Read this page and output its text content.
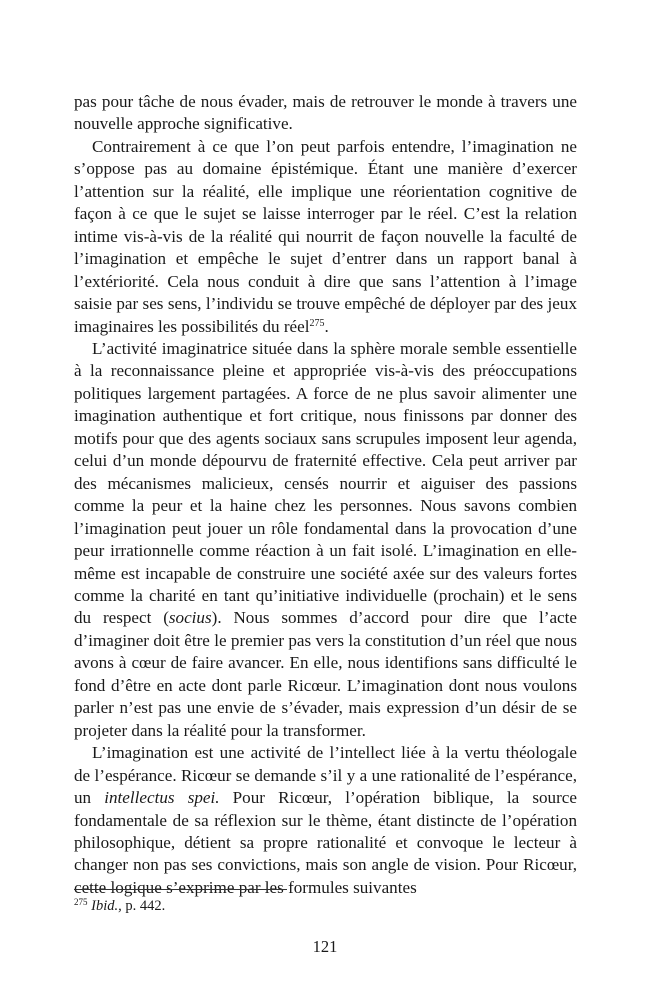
pas pour tâche de nous évader, mais de retrouver le monde à travers une nouvelle approche significative.

Contrairement à ce que l’on peut parfois entendre, l’imagination ne s’oppose pas au domaine épistémique. Étant une manière d’exercer l’attention sur la réalité, elle implique une réorientation cognitive de façon à ce que le sujet se laisse interroger par le réel. C’est la relation intime vis-à-vis de la réalité qui nourrit de façon nouvelle la faculté de l’imagination et empêche le sujet d’entrer dans un rapport banal à l’extériorité. Cela nous conduit à dire que sans l’attention à l’image saisie par ses sens, l’individu se trouve empêché de déployer par des jeux imaginaires les possibilités du réel$^{275}$.

L’activité imaginatrice située dans la sphère morale semble essentielle à la reconnaissance pleine et appropriée vis-à-vis des préoccupations politiques largement partagées. A force de ne plus savoir alimenter une imagination authentique et fort critique, nous finissons par donner des motifs pour que des agents sociaux sans scrupules imposent leur agenda, celui d’un monde dépourvu de fraternité effective. Cela peut arriver par des mécanismes malicieux, censés nourrir et aiguiser des passions comme la peur et la haine chez les personnes. Nous savons combien l’imagination peut jouer un rôle fondamental dans la provocation d’une peur irrationnelle comme réaction à un fait isolé. L’imagination en elle-même est incapable de construire une société axée sur des valeurs fortes comme la charité en tant qu’initiative individuelle (prochain) et le sens du respect (socius). Nous sommes d’accord pour dire que l’acte d’imaginer doit être le premier pas vers la constitution d’un réel que nous avons à cœur de faire avancer. En elle, nous identifions sans difficulté le fond d’être en acte dont parle Ricœur. L’imagination dont nous voulons parler n’est pas une envie de s’évader, mais expression d’un désir de se projeter dans la réalité pour la transformer.

L’imagination est une activité de l’intellect liée à la vertu théologale de l’espérance. Ricœur se demande s’il y a une rationalité de l’espérance, un intellectus spei. Pour Ricœur, l’opération biblique, la source fondamentale de sa réflexion sur le thème, étant distincte de l’opération philosophique, détient sa propre rationalité et convoque le lecteur à changer non pas ses convictions, mais son angle de vision. Pour Ricœur, cette logique s’exprime par les formules suivantes

$^{275}$ Ibid., p. 442.
121
